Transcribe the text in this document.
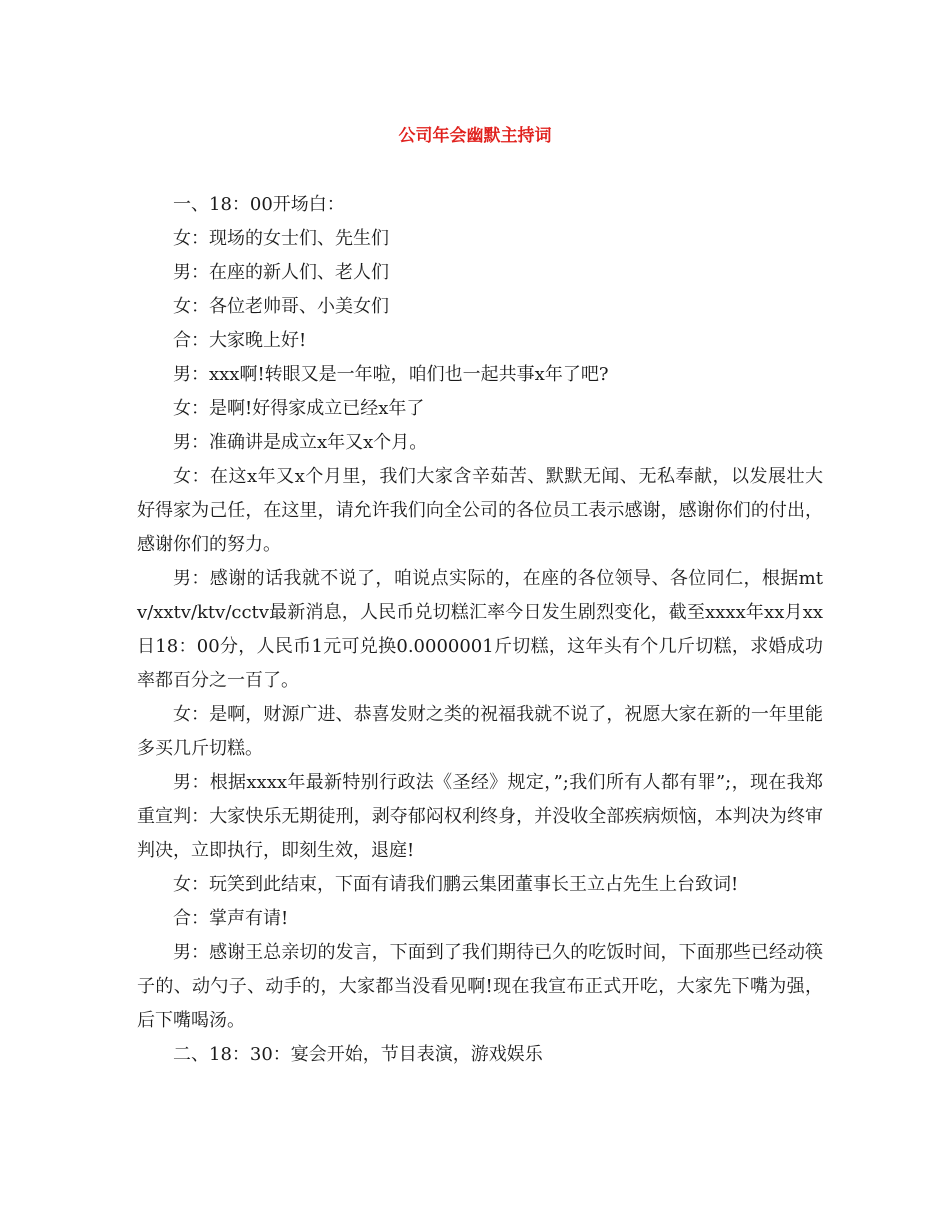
公司年会幽默主持词

一、18：00开场白：

女：现场的女士们、先生们

男：在座的新人们、老人们

女：各位老帅哥、小美女们

合：大家晚上好!

男：xxx啊!转眼又是一年啦，咱们也一起共事x年了吧?

女：是啊!好得家成立已经x年了

男：准确讲是成立x年又x个月。

女：在这x年又x个月里，我们大家含辛茹苦、默默无闻、无私奉献，以发展壮大好得家为己任，在这里，请允许我们向全公司的各位员工表示感谢，感谢你们的付出，感谢你们的努力。

男：感谢的话我就不说了，咱说点实际的，在座的各位领导、各位同仁，根据mtv/xxtv/ktv/cctv最新消息，人民币兑切糕汇率今日发生剧烈变化，截至xxxx年xx月xx日18：00分，人民币1元可兑换0.0000001斤切糕，这年头有个几斤切糕，求婚成功率都百分之一百了。

女：是啊，财源广进、恭喜发财之类的祝福我就不说了，祝愿大家在新的一年里能多买几斤切糕。

男：根据xxxx年最新特别行政法《圣经》规定，”;我们所有人都有罪”;，现在我郑重宣判：大家快乐无期徒刑，剥夺郁闷权利终身，并没收全部疾病烦恼，本判决为终审判决，立即执行，即刻生效，退庭!

女：玩笑到此结束，下面有请我们鹏云集团董事长王立占先生上台致词!

合：掌声有请!

男：感谢王总亲切的发言，下面到了我们期待已久的吃饭时间，下面那些已经动筷子的、动勺子、动手的，大家都当没看见啊!现在我宣布正式开吃，大家先下嘴为强，后下嘴喝汤。

二、18：30：宴会开始，节目表演，游戏娱乐
